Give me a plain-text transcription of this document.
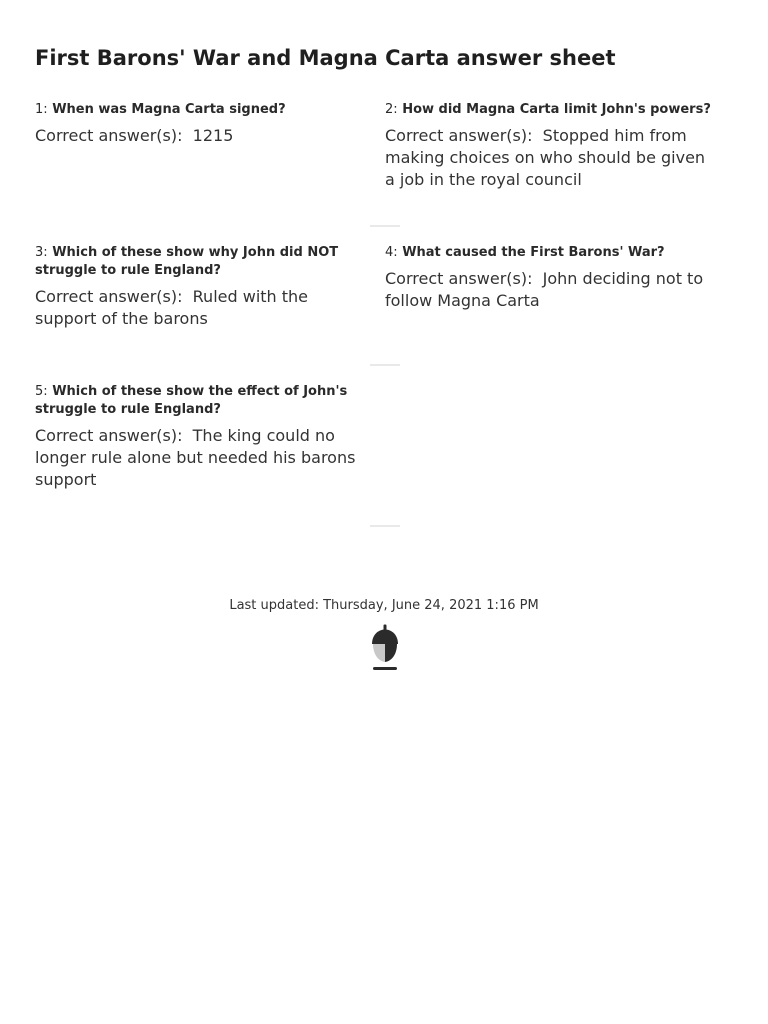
First Barons' War and Magna Carta answer sheet
1: When was Magna Carta signed?
Correct answer(s): 1215
2: How did Magna Carta limit John's powers?
Correct answer(s): Stopped him from making choices on who should be given a job in the royal council
3: Which of these show why John did NOT struggle to rule England?
Correct answer(s): Ruled with the support of the barons
4: What caused the First Barons' War?
Correct answer(s): John deciding not to follow Magna Carta
5: Which of these show the effect of John's struggle to rule England?
Correct answer(s): The king could no longer rule alone but needed his barons support
Last updated: Thursday, June 24, 2021 1:16 PM
